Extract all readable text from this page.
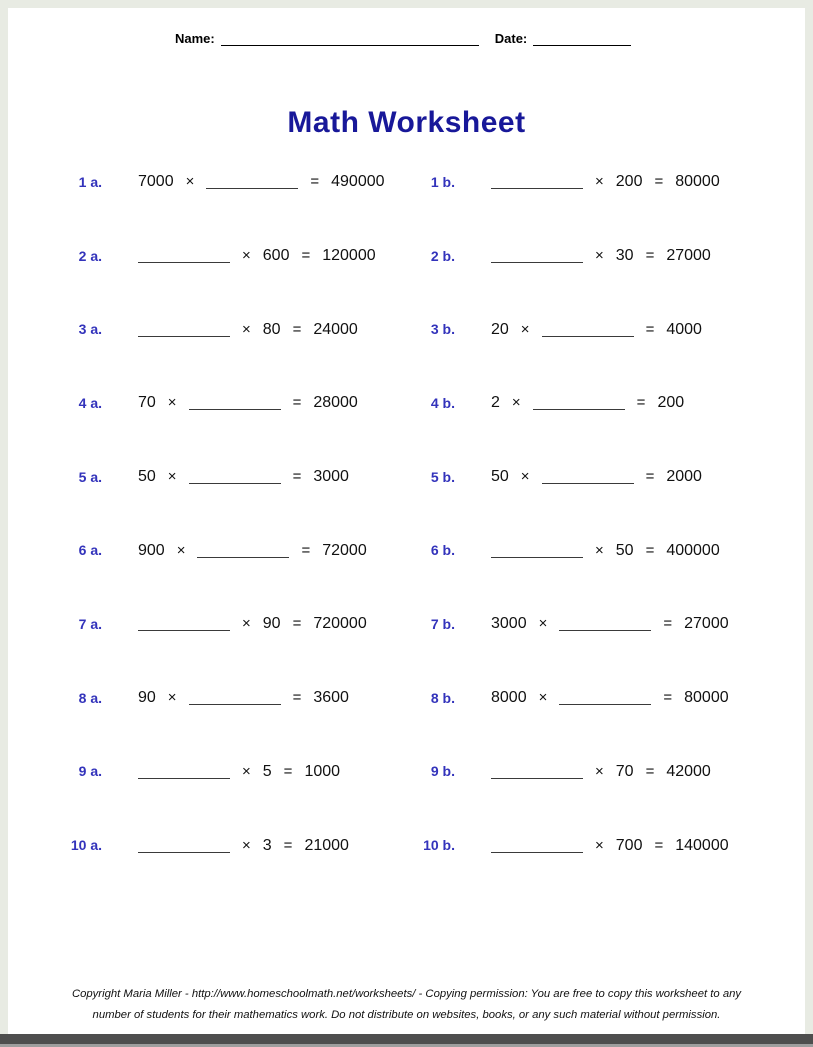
Name:	Date:
Math Worksheet
1 a. 7000 ×	= 490000	1 b.	× 200 = 80000
2 a.	× 600 = 120000	2 b.	× 30 = 27000
3 a.	× 80 = 24000	3 b. 20 ×	= 4000
4 a. 70 ×	= 28000	4 b. 2 ×	= 200
5 a. 50 ×	= 3000	5 b. 50 ×	= 2000
6 a. 900 ×	= 72000	6 b.	× 50 = 400000
7 a.	× 90 = 720000	7 b. 3000 ×	= 27000
8 a. 90 ×	= 3600	8 b. 8000 ×	= 80000
9 a.	× 5 = 1000	9 b.	× 70 = 42000
10 a.	× 3 = 21000	10 b.	× 700 = 140000
Copyright Maria Miller - http://www.homeschoolmath.net/worksheets/ - Copying permission: You are free to copy this worksheet to any
number of students for their mathematics work. Do not distribute on websites, books, or any such material without permission.
